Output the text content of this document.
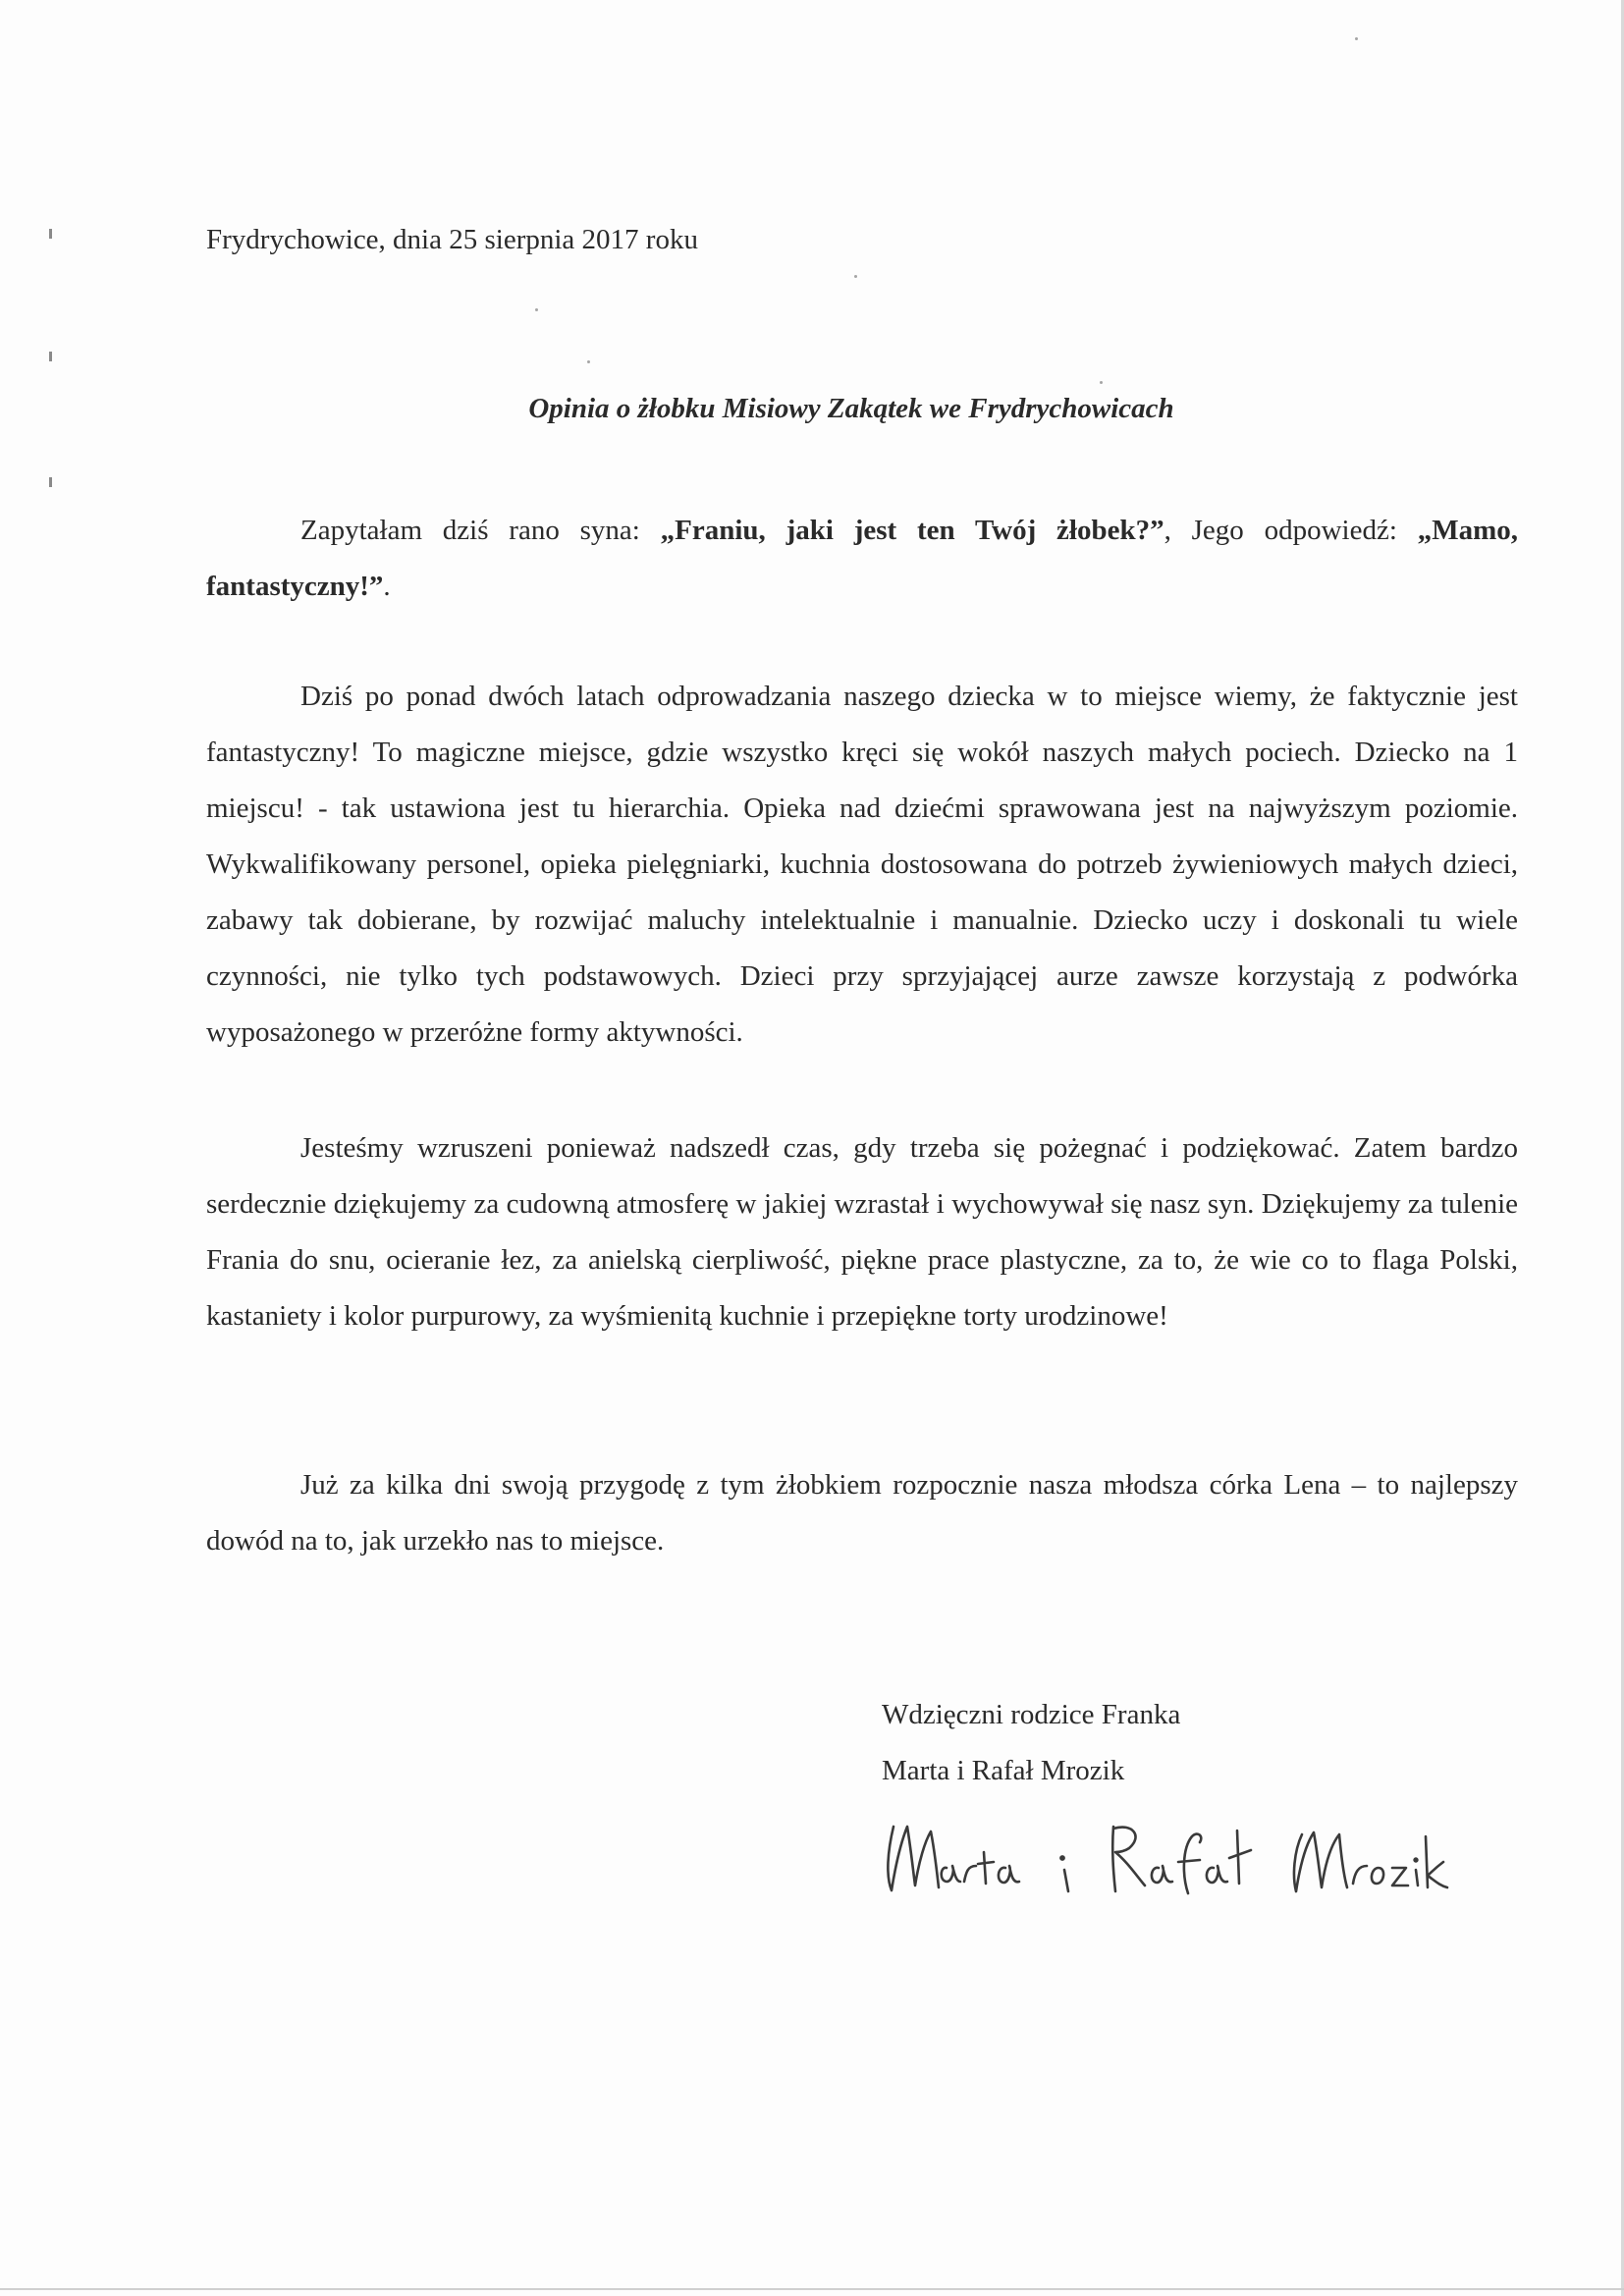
Frydrychowice, dnia 25 sierpnia 2017 roku
Opinia o żłobku Misiowy Zakątek we Frydrychowicach

Zapytałam dziś rano syna: „Franiu, jaki jest ten Twój żłobek?”, Jego odpowiedź: „Mamo, fantastyczny!”.

Dziś po ponad dwóch latach odprowadzania naszego dziecka w to miejsce wiemy, że faktycznie jest fantastyczny! To magiczne miejsce, gdzie wszystko kręci się wokół naszych małych pociech. Dziecko na 1 miejscu! - tak ustawiona jest tu hierarchia. Opieka nad dziećmi sprawowana jest na najwyższym poziomie. Wykwalifikowany personel, opieka pielęgniarki, kuchnia dostosowana do potrzeb żywieniowych małych dzieci, zabawy tak dobierane, by rozwijać maluchy intelektualnie i manualnie. Dziecko uczy i doskonali tu wiele czynności, nie tylko tych podstawowych. Dzieci przy sprzyjającej aurze zawsze korzystają z podwórka wyposażonego w przeróżne formy aktywności.

Jesteśmy wzruszeni ponieważ nadszedł czas, gdy trzeba się pożegnać i podziękować. Zatem bardzo serdecznie dziękujemy za cudowną atmosferę w jakiej wzrastał i wychowywał się nasz syn. Dziękujemy za tulenie Frania do snu, ocieranie łez, za anielską cierpliwość, piękne prace plastyczne, za to, że wie co to flaga Polski, kastaniety i kolor purpurowy, za wyśmienitą kuchnie i przepiękne torty urodzinowe!

Już za kilka dni swoją przygodę z tym żłobkiem rozpocznie nasza młodsza córka Lena – to najlepszy dowód na to, jak urzekło nas to miejsce.

Wdzięczni rodzice Franka
Marta i Rafał Mrozik
